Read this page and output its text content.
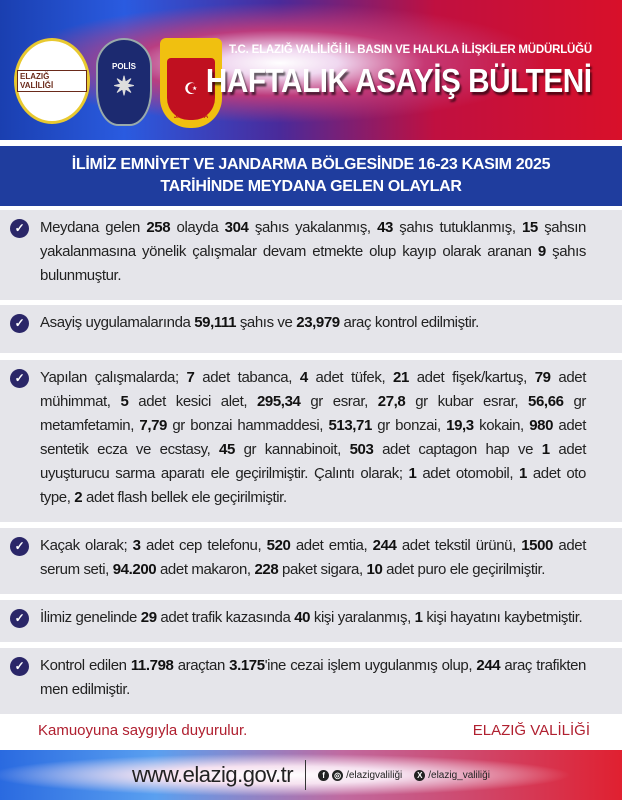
ELAZIĞ VALİLİĞİ
POLİS
✷	☪
JANDARMA
T.C. ELAZIĞ VALİLİĞİ İL BASIN VE HALKLA İLİŞKİLER MÜDÜRLÜĞÜ
HAFTALIK ASAYİŞ BÜLTENİ
İLİMİZ EMNİYET VE JANDARMA BÖLGESİNDE 16-23 KASIM 2025
TARİHİNDE MEYDANA GELEN OLAYLAR
✓	Meydana gelen 258 olayda 304 şahıs yakalanmış, 43 şahıs tutuklanmış, 15 şahsın yakalanmasına yönelik çalışmalar devam etmekte olup kayıp olarak aranan 9 şahıs bulunmuştur.
✓	Asayiş uygulamalarında 59,111 şahıs ve 23,979 araç kontrol edilmiştir.
✓	Yapılan çalışmalarda; 7 adet tabanca, 4 adet tüfek, 21 adet fişek/kartuş, 79 adet mühimmat, 5 adet kesici alet, 295,34 gr esrar, 27,8 gr kubar esrar, 56,66 gr metamfetamin, 7,79 gr bonzai hammaddesi, 513,71 gr bonzai, 19,3 kokain, 980 adet sentetik ecza ve ecstasy, 45 gr kannabinoit, 503 adet captagon hap ve 1 adet uyuşturucu sarma aparatı ele geçirilmiştir. Çalıntı olarak; 1 adet otomobil, 1 adet oto type, 2 adet flash bellek ele geçirilmiştir.
✓	Kaçak olarak; 3 adet cep telefonu, 520 adet emtia, 244 adet tekstil ürünü, 1500 adet serum seti, 94.200 adet makaron, 228 paket sigara, 10 adet puro ele geçirilmiştir.
✓	İlimiz genelinde 29 adet trafik kazasında 40 kişi yaralanmış, 1 kişi hayatını kaybetmiştir.
✓	Kontrol edilen 11.798 araçtan 3.175'ine cezai işlem uygulanmış olup, 244 araç trafikten men edilmiştir.
Kamuoyuna saygıyla duyurulur.	ELAZIĞ VALİLİĞİ
www.elazig.gov.tr	f	◎ /elazigvaliliği	X /elazig_valiliği
